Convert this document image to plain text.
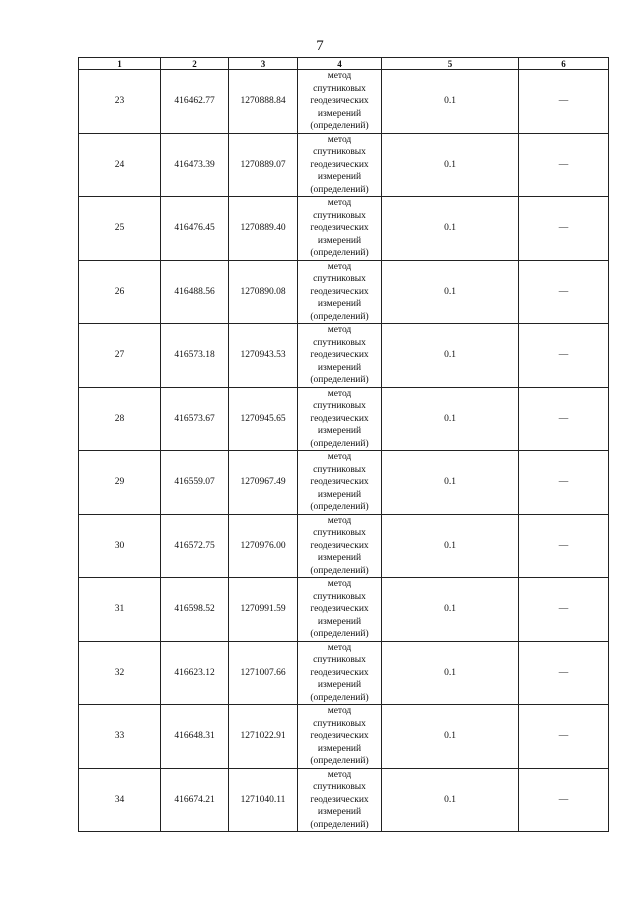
7
1	2	3	4	5	6
23	416462.77	1270888.84	метод
спутниковых
геодезических
измерений
(определений)	0.1	—
24	416473.39	1270889.07	метод
спутниковых
геодезических
измерений
(определений)	0.1	—
25	416476.45	1270889.40	метод
спутниковых
геодезических
измерений
(определений)	0.1	—
26	416488.56	1270890.08	метод
спутниковых
геодезических
измерений
(определений)	0.1	—
27	416573.18	1270943.53	метод
спутниковых
геодезических
измерений
(определений)	0.1	—
28	416573.67	1270945.65	метод
спутниковых
геодезических
измерений
(определений)	0.1	—
29	416559.07	1270967.49	метод
спутниковых
геодезических
измерений
(определений)	0.1	—
30	416572.75	1270976.00	метод
спутниковых
геодезических
измерений
(определений)	0.1	—
31	416598.52	1270991.59	метод
спутниковых
геодезических
измерений
(определений)	0.1	—
32	416623.12	1271007.66	метод
спутниковых
геодезических
измерений
(определений)	0.1	—
33	416648.31	1271022.91	метод
спутниковых
геодезических
измерений
(определений)	0.1	—
34	416674.21	1271040.11	метод
спутниковых
геодезических
измерений
(определений)	0.1	—
